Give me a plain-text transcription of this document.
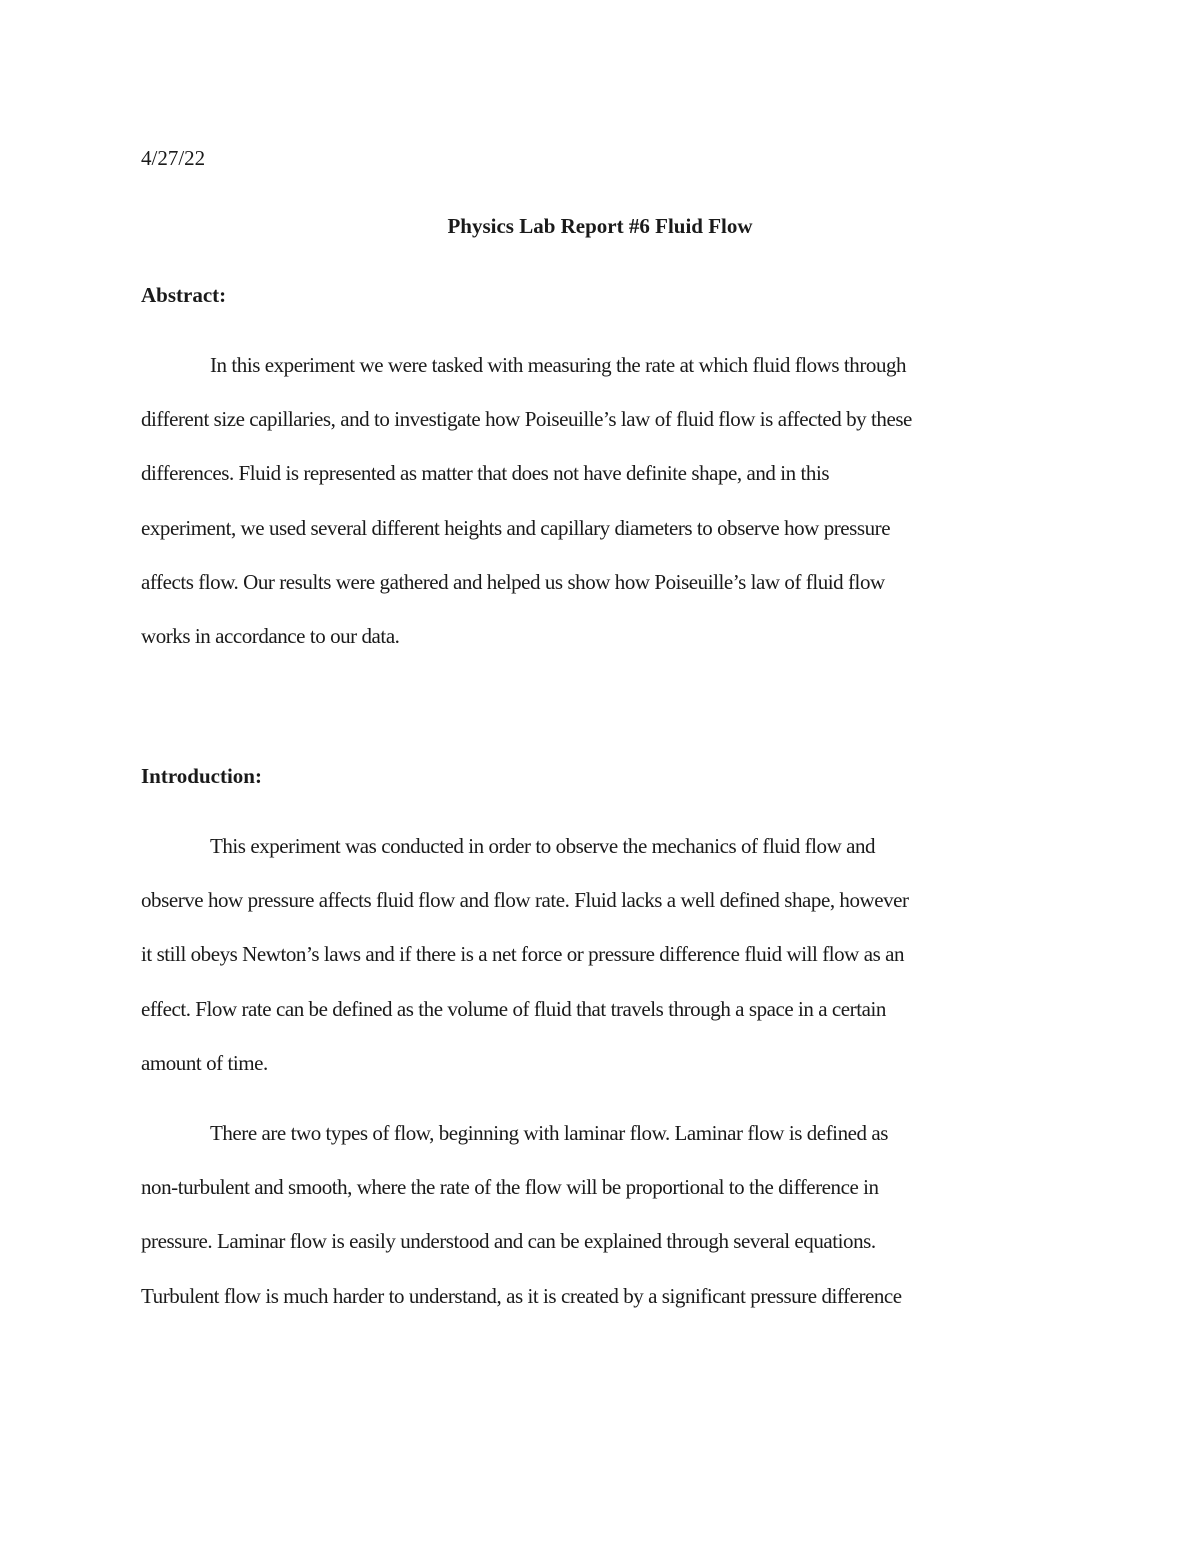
4/27/22

Physics Lab Report #6 Fluid Flow

Abstract:

In this experiment we were tasked with measuring the rate at which fluid flows through
different size capillaries, and to investigate how Poiseuille’s law of fluid flow is affected by these
differences. Fluid is represented as matter that does not have definite shape, and in this
experiment, we used several different heights and capillary diameters to observe how pressure
affects flow. Our results were gathered and helped us show how Poiseuille’s law of fluid flow
works in accordance to our data.

Introduction:

This experiment was conducted in order to observe the mechanics of fluid flow and
observe how pressure affects fluid flow and flow rate. Fluid lacks a well defined shape, however
it still obeys Newton’s laws and if there is a net force or pressure difference fluid will flow as an
effect. Flow rate can be defined as the volume of fluid that travels through a space in a certain
amount of time.
There are two types of flow, beginning with laminar flow. Laminar flow is defined as
non-turbulent and smooth, where the rate of the flow will be proportional to the difference in
pressure. Laminar flow is easily understood and can be explained through several equations.
Turbulent flow is much harder to understand, as it is created by a significant pressure difference
